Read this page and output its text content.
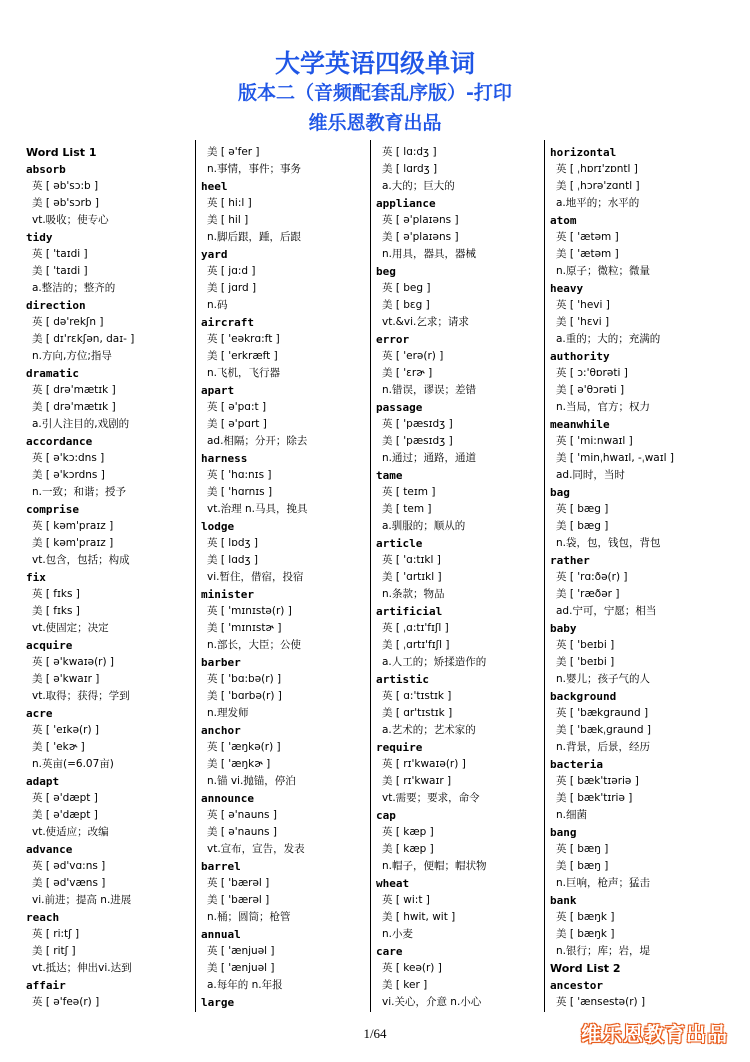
大学英语四级单词
版本二（音频配套乱序版）-打印
维乐恩教育出品
Word List 1
absorb
英 [ əb'sɔ:b ]
美 [ əb'sɔrb ]
vt.吸收；使专心
tidy
英 [ 'taɪdi ]
美 [ 'taɪdi ]
a.整洁的；整齐的
direction
英 [ də'rekʃn ]
美 [ dɪ'rɛkʃən, daɪ- ]
n.方向,方位;指导
dramatic
英 [ drə'mætɪk ]
美 [ drə'mætɪk ]
a.引人注目的,戏剧的
accordance
英 [ ə'kɔ:dns ]
美 [ ə'kɔrdns ]
n.一致；和谐；授予
comprise
英 [ kəm'praɪz ]
美 [ kəm'praɪz ]
vt.包含，包括；构成
fix
英 [ fɪks ]
美 [ fɪks ]
vt.使固定；决定
acquire
英 [ ə'kwaɪə(r) ]
美 [ ə'kwaɪr ]
vt.取得；获得；学到
acre
英 [ 'eɪkə(r) ]
美 [ 'ekɚ ]
n.英亩(=6.07亩)
adapt
英 [ ə'dæpt ]
美 [ ə'dæpt ]
vt.使适应；改编
advance
英 [ əd'vɑ:ns ]
美 [ əd'væns ]
vi.前进；提高 n.进展
reach
英 [ ri:tʃ ]
美 [ ritʃ ]
vt.抵达；伸出vi.达到
affair
英 [ ə'feə(r) ]
美 [ ə'fer ]
n.事情，事件；事务
heel
英 [ hi:l ]
美 [ hil ]
n.脚后跟，踵，后跟
yard
英 [ jɑ:d ]
美 [ jɑrd ]
n.码
aircraft
英 [ 'eəkrɑ:ft ]
美 [ 'erkræft ]
n.飞机，飞行器
apart
英 [ ə'pɑ:t ]
美 [ ə'pɑrt ]
ad.相隔；分开；除去
harness
英 [ 'hɑ:nɪs ]
美 [ 'hɑrnɪs ]
vt.治理 n.马具，挽具
lodge
英 [ lɒdʒ ]
美 [ lɑdʒ ]
vi.暂住，借宿，投宿
minister
英 [ 'mɪnɪstə(r) ]
美 [ 'mɪnɪstɚ ]
n.部长，大臣；公使
barber
英 [ 'bɑ:bə(r) ]
美 [ 'bɑrbə(r) ]
n.理发师
anchor
英 [ 'æŋkə(r) ]
美 [ 'æŋkɚ ]
n.锚 vi.抛锚，停泊
announce
英 [ ə'nauns ]
美 [ ə'nauns ]
vt.宣布，宣告，发表
barrel
英 [ 'bærəl ]
美 [ 'bærəl ]
n.桶；圆筒；枪管
annual
英 [ 'ænjuəl ]
美 [ 'ænjuəl ]
a.每年的 n.年报
large
英 [ lɑ:dʒ ]
美 [ lɑrdʒ ]
a.大的；巨大的
appliance
英 [ ə'plaɪəns ]
美 [ ə'plaɪəns ]
n.用具，器具，器械
beg
英 [ beg ]
美 [ bɛg ]
vt.&vi.乞求；请求
error
英 [ 'erə(r) ]
美 [ 'ɛrɚ ]
n.错误，谬误；差错
passage
英 [ 'pæsɪdʒ ]
美 [ 'pæsɪdʒ ]
n.通过；通路，通道
tame
英 [ teɪm ]
美 [ tem ]
a.驯服的；顺从的
article
英 [ 'ɑ:tɪkl ]
美 [ 'ɑrtɪkl ]
n.条款；物品
artificial
英 [ ˌɑ:tɪ'fɪʃl ]
美 [ ˌɑrtɪ'fɪʃl ]
a.人工的；矫揉造作的
artistic
英 [ ɑ:'tɪstɪk ]
美 [ ɑr'tɪstɪk ]
a.艺术的；艺术家的
require
英 [ rɪ'kwaɪə(r) ]
美 [ rɪ'kwaɪr ]
vt.需要；要求，命令
cap
英 [ kæp ]
美 [ kæp ]
n.帽子，便帽；帽状物
wheat
英 [ wi:t ]
美 [ hwit, wit ]
n.小麦
care
英 [ keə(r) ]
美 [ ker ]
vi.关心，介意 n.小心
horizontal
英 [ ˌhɒrɪ'zɒntl ]
美 [ ˌhɔrə'zɑntl ]
a.地平的；水平的
atom
英 [ 'ætəm ]
美 [ 'ætəm ]
n.原子；微粒；微量
heavy
英 [ 'hevi ]
美 [ 'hɛvi ]
a.重的；大的；充满的
authority
英 [ ɔ:'θɒrəti ]
美 [ ə'θɔrəti ]
n.当局，官方；权力
meanwhile
英 [ 'mi:nwaɪl ]
美 [ 'minˌhwaɪl, -ˌwaɪl ]
ad.同时，当时
bag
英 [ bæg ]
美 [ bæg ]
n.袋，包，钱包，背包
rather
英 [ 'rɑ:ðə(r) ]
美 [ 'ræðər ]
ad.宁可，宁愿；相当
baby
英 [ 'beɪbi ]
美 [ 'beɪbi ]
n.婴儿；孩子气的人
background
英 [ 'bækgraund ]
美 [ 'bækˌgraund ]
n.背景，后景，经历
bacteria
英 [ bæk'tɪəriə ]
美 [ bæk'tɪriə ]
n.细菌
bang
英 [ bæŋ ]
美 [ bæŋ ]
n.巨响，枪声；猛击
bank
英 [ bæŋk ]
美 [ bæŋk ]
n.银行；库；岩，堤
Word List 2
ancestor
英 [ 'ænsestə(r) ]
1/64	维乐恩教育出品
